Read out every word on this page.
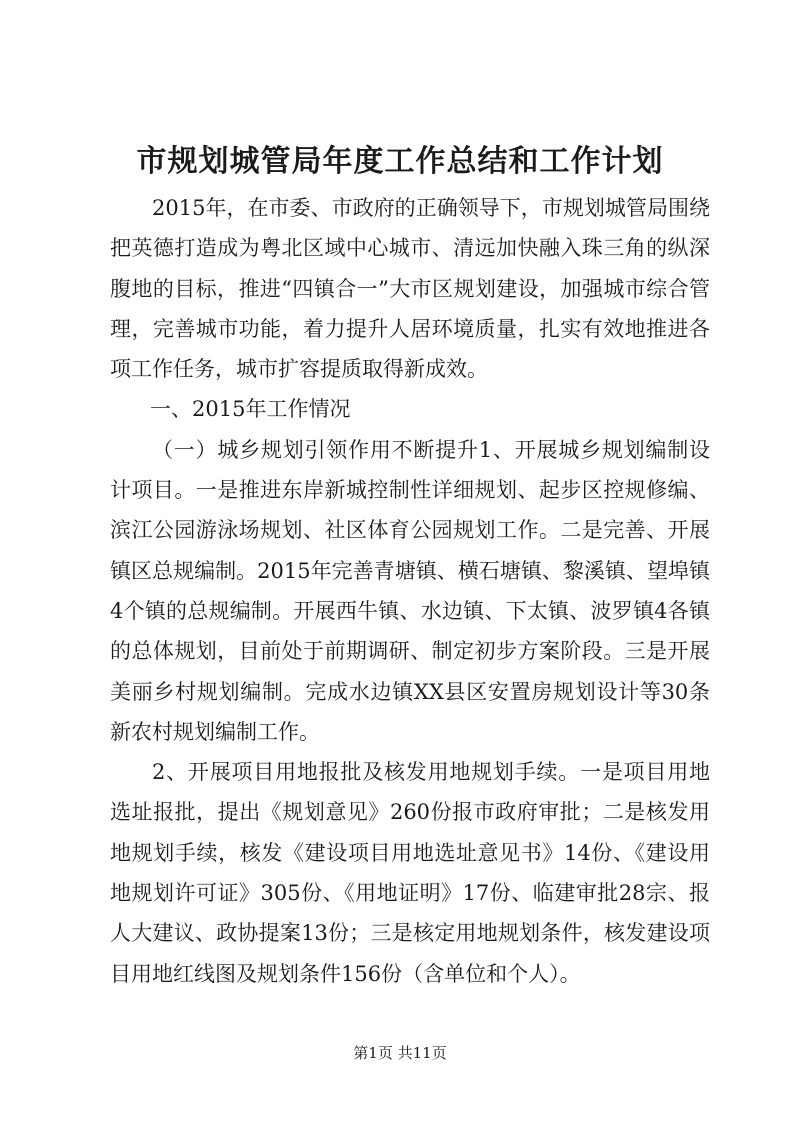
市规划城管局年度工作总结和工作计划

2015年，在市委、市政府的正确领导下，市规划城管局围绕把英德打造成为粤北区域中心城市、清远加快融入珠三角的纵深腹地的目标，推进“四镇合一”大市区规划建设，加强城市综合管理，完善城市功能，着力提升人居环境质量，扎实有效地推进各项工作任务，城市扩容提质取得新成效。

一、2015年工作情况

（一）城乡规划引领作用不断提升1、开展城乡规划编制设计项目。一是推进东岸新城控制性详细规划、起步区控规修编、滨江公园游泳场规划、社区体育公园规划工作。二是完善、开展镇区总规编制。2015年完善青塘镇、横石塘镇、黎溪镇、望埠镇4个镇的总规编制。开展西牛镇、水边镇、下太镇、波罗镇4各镇的总体规划，目前处于前期调研、制定初步方案阶段。三是开展美丽乡村规划编制。完成水边镇XX县区安置房规划设计等30条新农村规划编制工作。

2、开展项目用地报批及核发用地规划手续。一是项目用地选址报批，提出《规划意见》260份报市政府审批；二是核发用地规划手续，核发《建设项目用地选址意见书》14份、《建设用地规划许可证》305份、《用地证明》17份、临建审批28宗、报人大建议、政协提案13份；三是核定用地规划条件，核发建设项目用地红线图及规划条件156份（含单位和个人）。

第1页 共11页
